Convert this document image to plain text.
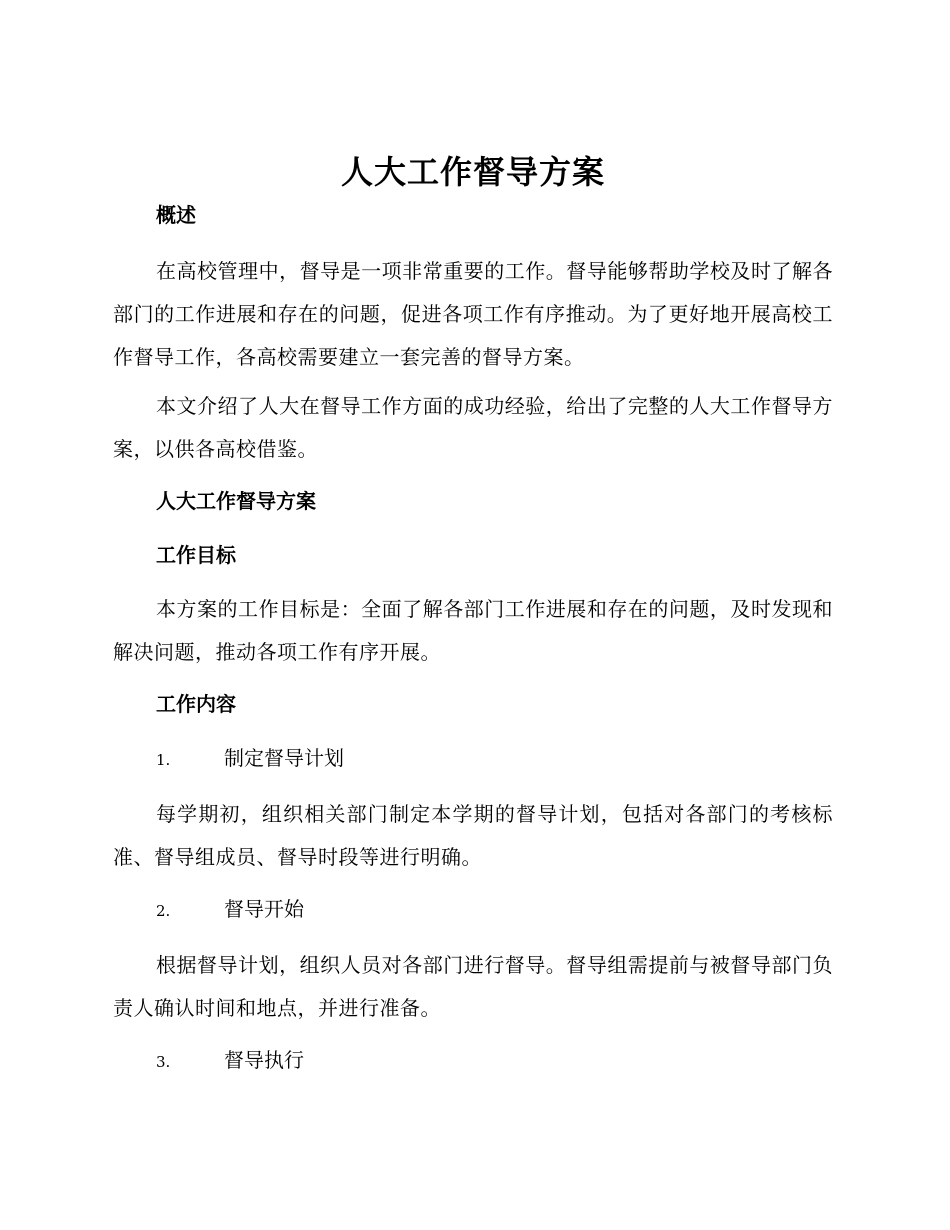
人大工作督导方案

概述

在高校管理中，督导是一项非常重要的工作。督导能够帮助学校及时了解各部门的工作进展和存在的问题，促进各项工作有序推动。为了更好地开展高校工作督导工作，各高校需要建立一套完善的督导方案。

本文介绍了人大在督导工作方面的成功经验，给出了完整的人大工作督导方案，以供各高校借鉴。

人大工作督导方案

工作目标

本方案的工作目标是：全面了解各部门工作进展和存在的问题，及时发现和解决问题，推动各项工作有序开展。

工作内容

1.	制定督导计划

每学期初，组织相关部门制定本学期的督导计划，包括对各部门的考核标准、督导组成员、督导时段等进行明确。

2.	督导开始

根据督导计划，组织人员对各部门进行督导。督导组需提前与被督导部门负责人确认时间和地点，并进行准备。

3.	督导执行
